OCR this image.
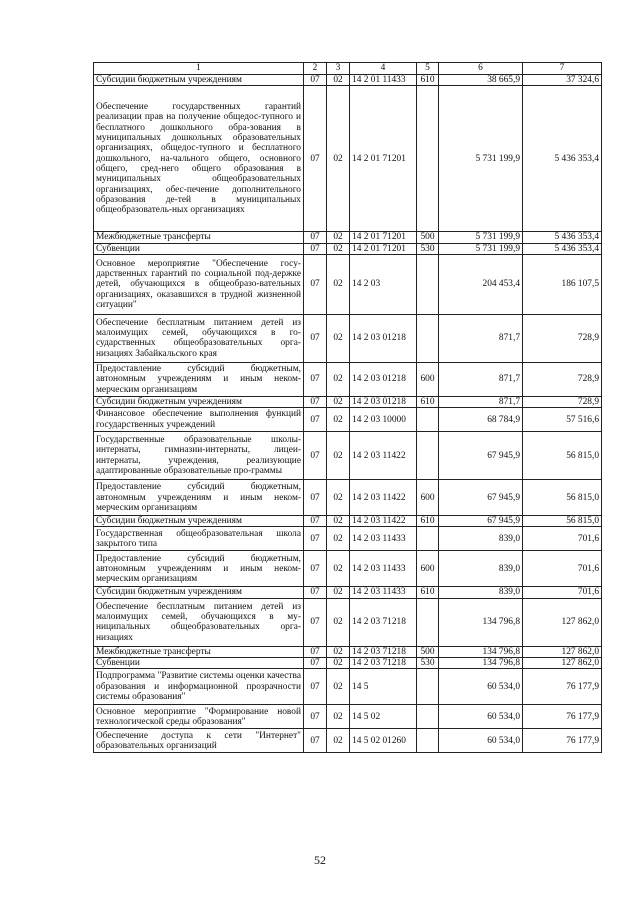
1	2	3	4	5	6	7
Субсидии бюджетным учреждениям	07	02	14 2 01 11433	610	38 665,9	37 324,6
Обеспечение государственных гарантий реализации прав на получение общедос-тупного и бесплатного дошкольного обра-зования в муниципальных дошкольных образовательных организациях, общедос-тупного и бесплатного дошкольного, на-чального общего, основного общего, сред-него общего образования в муниципальных общеобразовательных организациях, обес-печение дополнительного образования де-тей в муниципальных общеобразователь-ных организациях	07	02	14 2 01 71201		5 731 199,9	5 436 353,4
Межбюджетные трансферты	07	02	14 2 01 71201	500	5 731 199,9	5 436 353,4
Субвенции	07	02	14 2 01 71201	530	5 731 199,9	5 436 353,4
Основное мероприятие "Обеспечение госу-дарственных гарантий по социальной под-держке детей, обучающихся в общеобразо-вательных организациях, оказавшихся в трудной жизненной ситуации"	07	02	14 2 03		204 453,4	186 107,5
Обеспечение бесплатным питанием детей из малоимущих семей, обучающихся в го-сударственных общеобразовательных орга-низациях Забайкальского края	07	02	14 2 03 01218		871,7	728,9
Предоставление субсидий бюджетным, автономным учреждениям и иным неком-мерческим организациям	07	02	14 2 03 01218	600	871,7	728,9
Субсидии бюджетным учреждениям	07	02	14 2 03 01218	610	871,7	728,9
Финансовое обеспечение выполнения функций государственных учреждений	07	02	14 2 03 10000		68 784,9	57 516,6
Государственные образовательные школы-интернаты, гимназии-интернаты, лицеи-интернаты, учреждения, реализующие адаптированные образовательные про-граммы	07	02	14 2 03 11422		67 945,9	56 815,0
Предоставление субсидий бюджетным, автономным учреждениям и иным неком-мерческим организациям	07	02	14 2 03 11422	600	67 945,9	56 815,0
Субсидии бюджетным учреждениям	07	02	14 2 03 11422	610	67 945,9	56 815,0
Государственная общеобразовательная школа закрытого типа	07	02	14 2 03 11433		839,0	701,6
Предоставление субсидий бюджетным, автономным учреждениям и иным неком-мерческим организациям	07	02	14 2 03 11433	600	839,0	701,6
Субсидии бюджетным учреждениям	07	02	14 2 03 11433	610	839,0	701,6
Обеспечение бесплатным питанием детей из малоимущих семей, обучающихся в му-ниципальных общеобразовательных орга-низациях	07	02	14 2 03 71218		134 796,8	127 862,0
Межбюджетные трансферты	07	02	14 2 03 71218	500	134 796,8	127 862,0
Субвенции	07	02	14 2 03 71218	530	134 796,8	127 862,0
Подпрограмма "Развитие системы оценки качества образования и информационной прозрачности системы образования"	07	02	14 5		60 534,0	76 177,9
Основное мероприятие "Формирование новой технологической среды образования"	07	02	14 5 02		60 534,0	76 177,9
Обеспечение доступа к сети "Интернет" образовательных организаций	07	02	14 5 02 01260		60 534,0	76 177,9
52
